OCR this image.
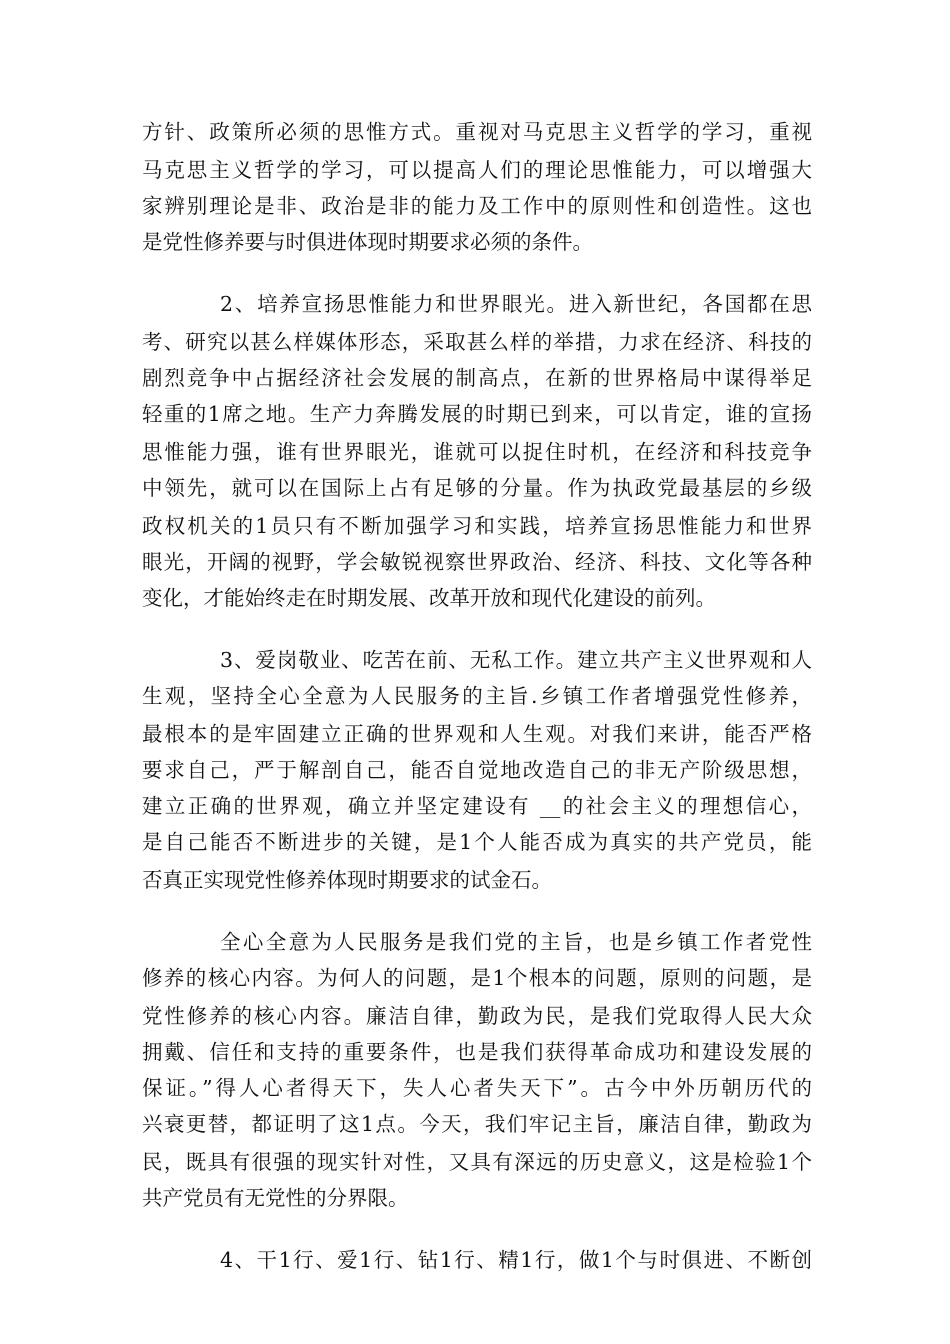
方针、政策所必须的思惟方式。重视对马克思主义哲学的学习，重视
马克思主义哲学的学习，可以提高人们的理论思惟能力，可以增强大
家辨别理论是非、政治是非的能力及工作中的原则性和创造性。这也
是党性修养要与时俱进体现时期要求必须的条件。
2、培养宣扬思惟能力和世界眼光。进入新世纪，各国都在思
考、研究以甚么样媒体形态，采取甚么样的举措，力求在经济、科技的
剧烈竞争中占据经济社会发展的制高点，在新的世界格局中谋得举足
轻重的1席之地。生产力奔腾发展的时期已到来，可以肯定，谁的宣扬
思惟能力强，谁有世界眼光，谁就可以捉住时机，在经济和科技竞争
中领先，就可以在国际上占有足够的分量。作为执政党最基层的乡级
政权机关的1员只有不断加强学习和实践，培养宣扬思惟能力和世界
眼光，开阔的视野，学会敏锐视察世界政治、经济、科技、文化等各种
变化，才能始终走在时期发展、改革开放和现代化建设的前列。
3、爱岗敬业、吃苦在前、无私工作。建立共产主义世界观和人
生观，坚持全心全意为人民服务的主旨.乡镇工作者增强党性修养，
最根本的是牢固建立正确的世界观和人生观。对我们来讲，能否严格
要求自己，严于解剖自己，能否自觉地改造自己的非无产阶级思想，
建立正确的世界观，确立并坚定建设有 __的社会主义的理想信心，
是自己能否不断进步的关键，是1个人能否成为真实的共产党员，能
否真正实现党性修养体现时期要求的试金石。
全心全意为人民服务是我们党的主旨，也是乡镇工作者党性
修养的核心内容。为何人的问题，是1个根本的问题，原则的问题，是
党性修养的核心内容。廉洁自律，勤政为民，是我们党取得人民大众
拥戴、信任和支持的重要条件，也是我们获得革命成功和建设发展的
保证。”得人心者得天下，失人心者失天下”。古今中外历朝历代的
兴衰更替，都证明了这1点。今天，我们牢记主旨，廉洁自律，勤政为
民，既具有很强的现实针对性，又具有深远的历史意义，这是检验1个
共产党员有无党性的分界限。
4、干1行、爱1行、钻1行、精1行，做1个与时俱进、不断创
